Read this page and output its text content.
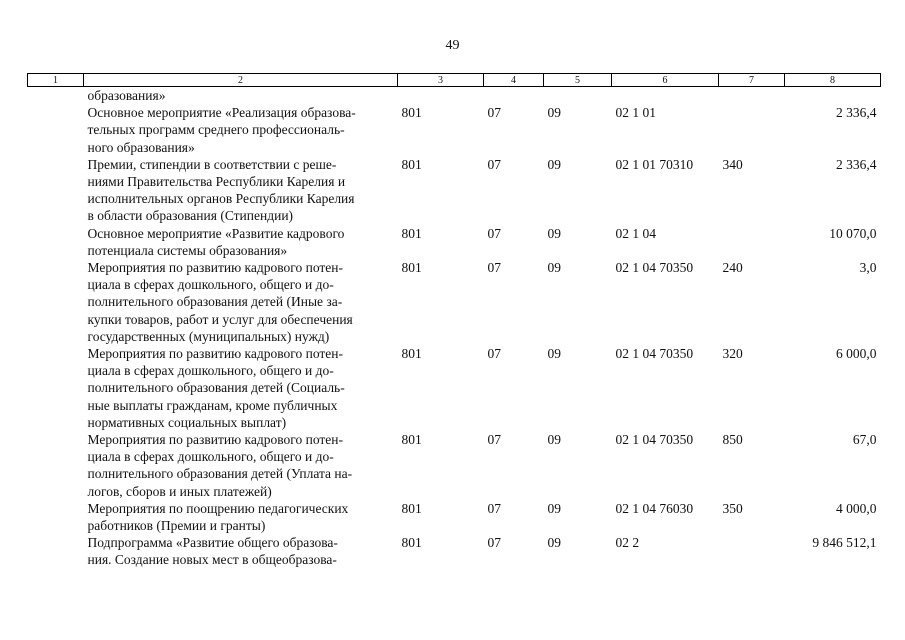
49
1	2	3	4	5	6	7	8
	образования»						
	Основное мероприятие «Реализация образова-
тельных программ среднего профессиональ-
ного образования»	801	07	09	02 1 01		2 336,4
	Премии, стипендии в соответствии с реше-
ниями Правительства Республики Карелия и
исполнительных органов Республики Карелия
в области образования (Стипендии)	801	07	09	02 1 01 70310	340	2 336,4
	Основное мероприятие «Развитие кадрового
потенциала системы образования»	801	07	09	02 1 04		10 070,0
	Мероприятия по развитию кадрового потен-
циала в сферах дошкольного, общего и до-
полнительного образования детей (Иные за-
купки товаров, работ и услуг для обеспечения
государственных (муниципальных) нужд)	801	07	09	02 1 04 70350	240	3,0
	Мероприятия по развитию кадрового потен-
циала в сферах дошкольного, общего и до-
полнительного образования детей (Социаль-
ные выплаты гражданам, кроме публичных
нормативных социальных выплат)	801	07	09	02 1 04 70350	320	6 000,0
	Мероприятия по развитию кадрового потен-
циала в сферах дошкольного, общего и до-
полнительного образования детей (Уплата на-
логов, сборов и иных платежей)	801	07	09	02 1 04 70350	850	67,0
	Мероприятия по поощрению педагогических
работников (Премии и гранты)	801	07	09	02 1 04 76030	350	4 000,0
	Подпрограмма «Развитие общего образова-
ния. Создание новых мест в общеобразова-	801	07	09	02 2		9 846 512,1
